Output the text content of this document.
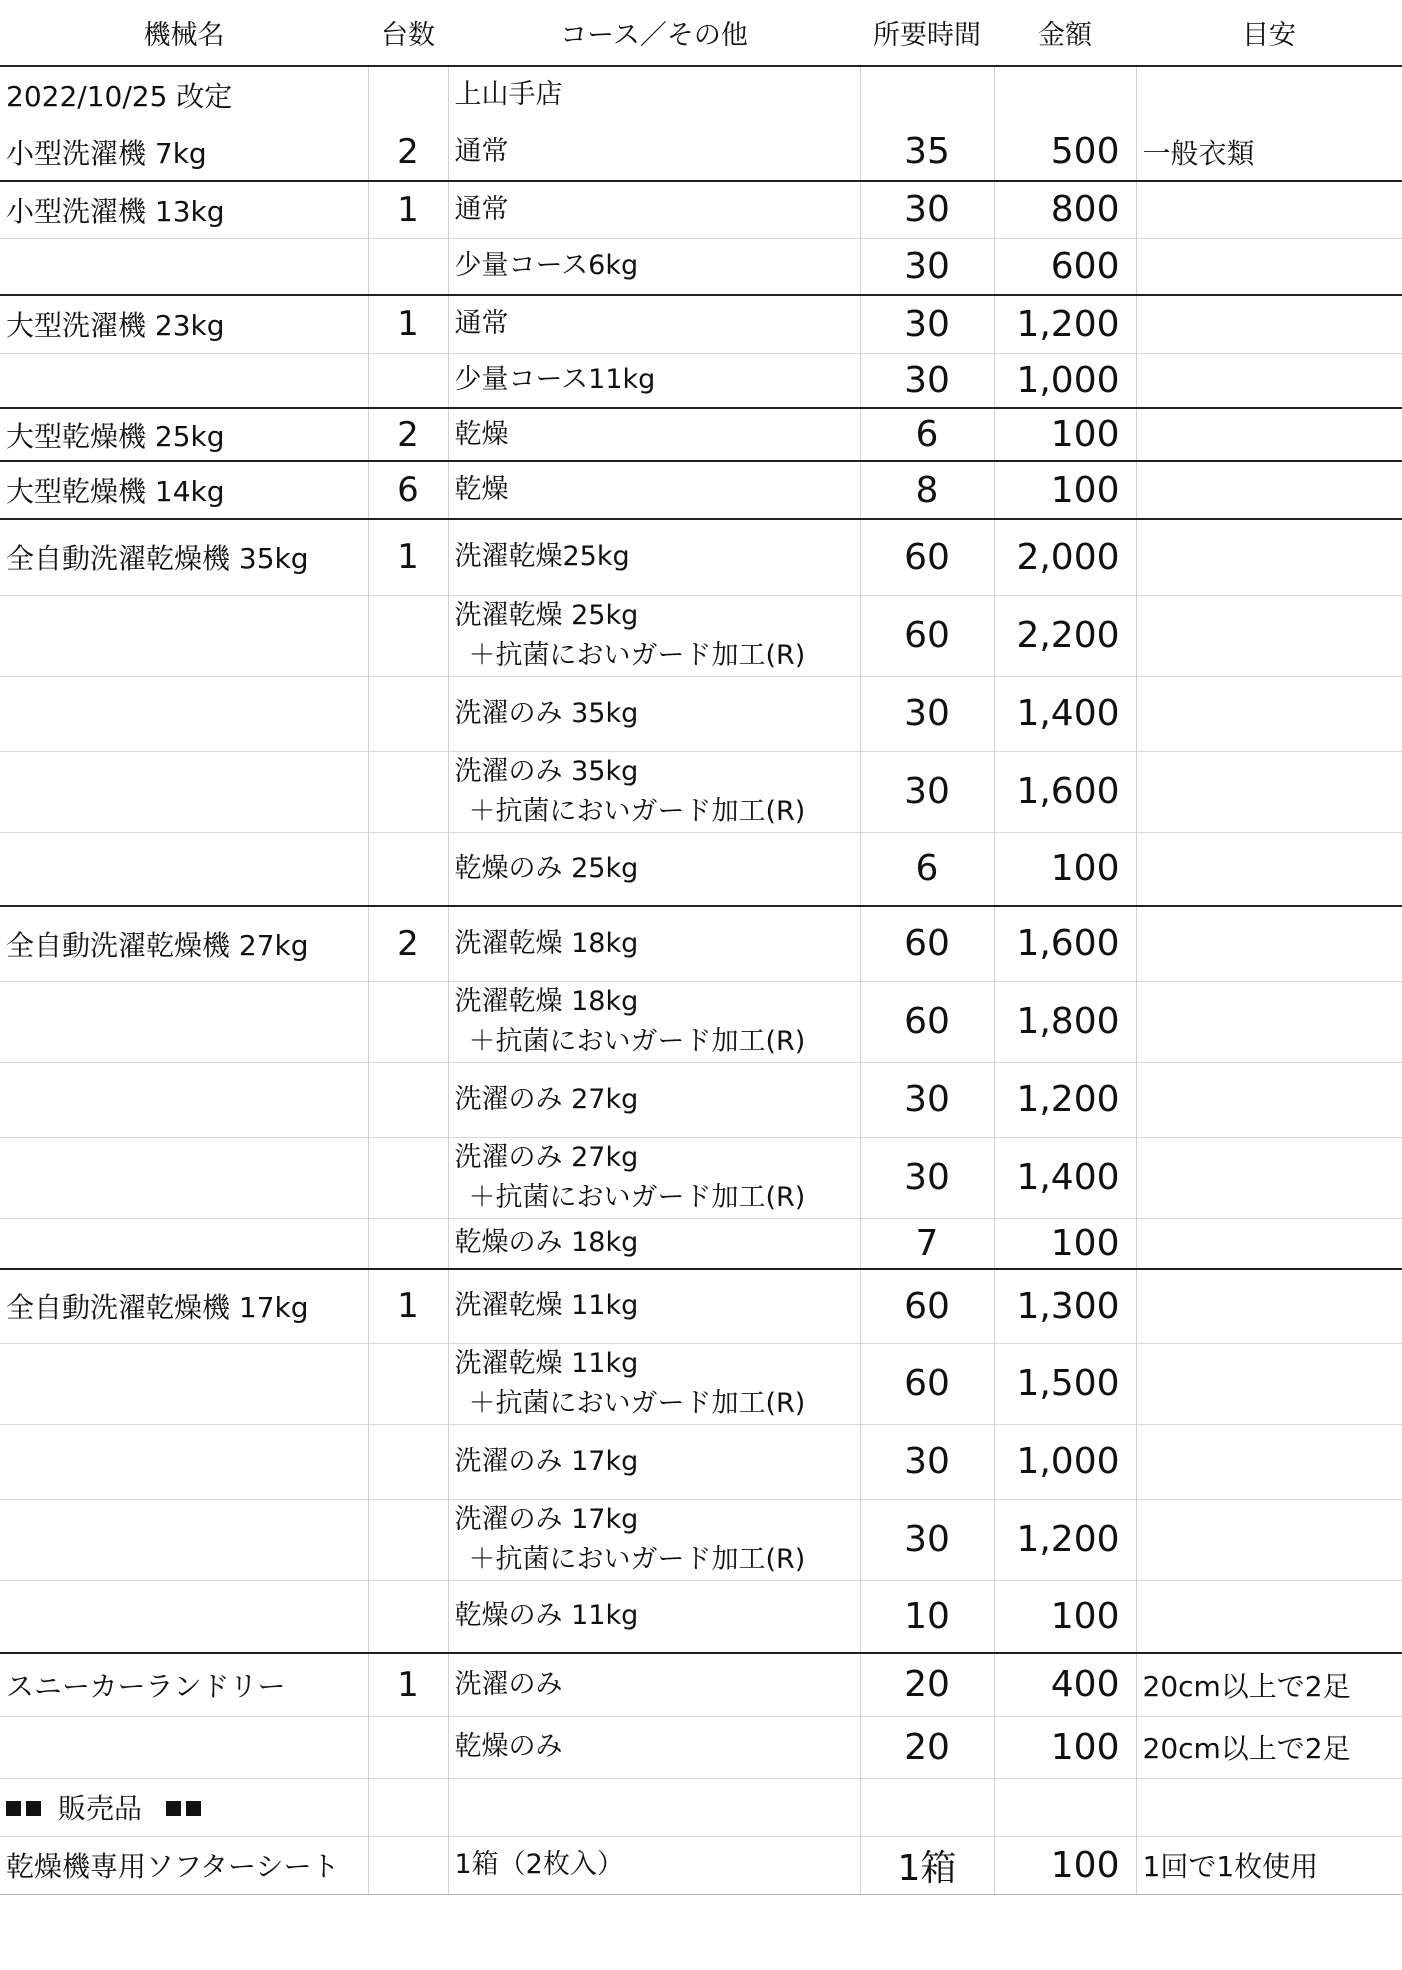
機械名	台数	コース／その他	所要時間	金額	目安
2022/10/25 改定		上山手店			
小型洗濯機 7kg	2	通常	35	500	一般衣類
小型洗濯機 13kg	1	通常	30	800	

		少量コース6kg	30	600	
大型洗濯機 23kg	1	通常	30	1,200	

		少量コース11kg	30	1,000	
大型乾燥機 25kg	2	乾燥	6	100	
大型乾燥機 14kg	6	乾燥	8	100	
全自動洗濯乾燥機 35kg	1	洗濯乾燥25kg	60	2,000	

		洗濯乾燥 25kg
＋抗菌においガード加工(R)	60	2,200	

		洗濯のみ 35kg	30	1,400	

		洗濯のみ 35kg
＋抗菌においガード加工(R)	30	1,600	

		乾燥のみ 25kg	6	100	
全自動洗濯乾燥機 27kg	2	洗濯乾燥 18kg	60	1,600	

		洗濯乾燥 18kg
＋抗菌においガード加工(R)	60	1,800	

		洗濯のみ 27kg	30	1,200	

		洗濯のみ 27kg
＋抗菌においガード加工(R)	30	1,400	

		乾燥のみ 18kg	7	100	
全自動洗濯乾燥機 17kg	1	洗濯乾燥 11kg	60	1,300	

		洗濯乾燥 11kg
＋抗菌においガード加工(R)	60	1,500	

		洗濯のみ 17kg	30	1,000	

		洗濯のみ 17kg
＋抗菌においガード加工(R)	30	1,200	

		乾燥のみ 11kg	10	100	
スニーカーランドリー	1	洗濯のみ	20	400	20cm以上で2足

		乾燥のみ	20	100	20cm以上で2足
販売品					
乾燥機専用ソフターシート		1箱（2枚入）	1箱	100	1回で1枚使用
